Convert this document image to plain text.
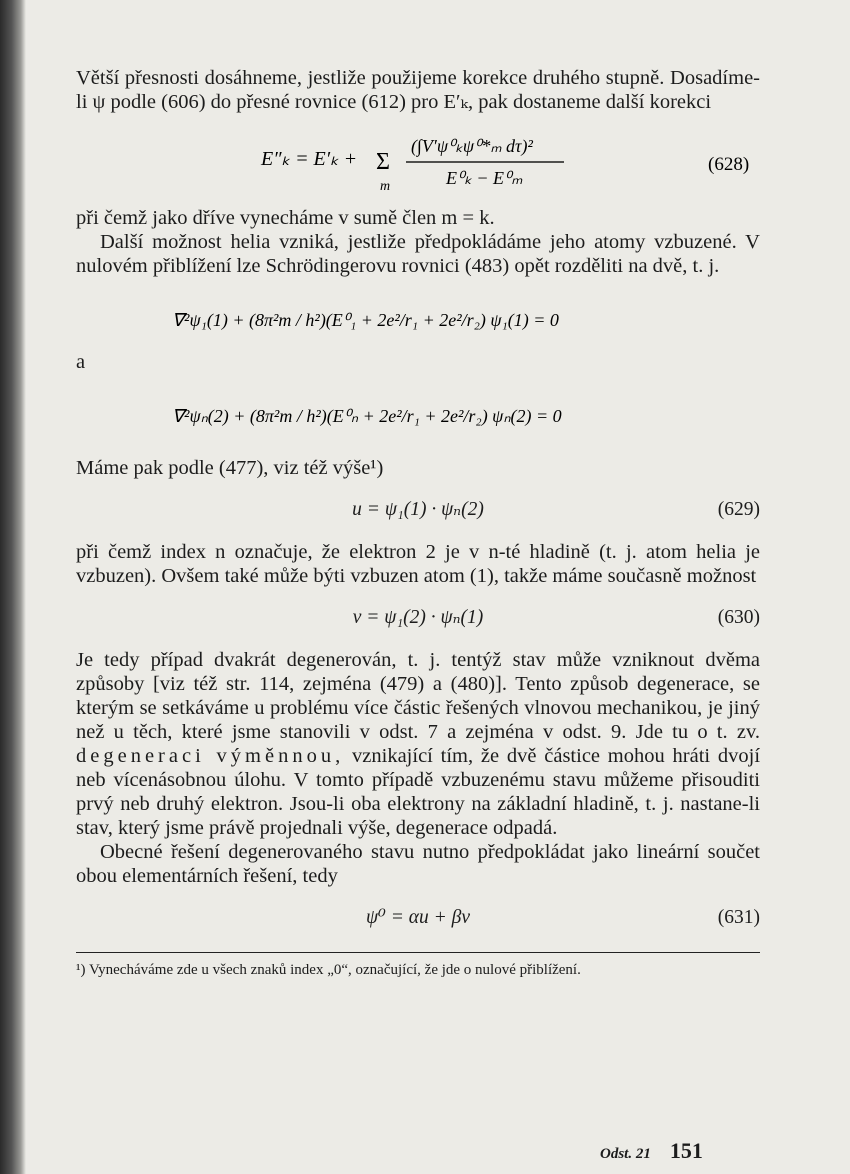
Větší přesnosti dosáhneme, jestliže použijeme korekce druhého stupně. Dosadíme-li ψ podle (606) do přesné rovnice (612) pro E′ₖ, pak dostaneme další korekci

E″ₖ = E′ₖ + Σ
m
(∫V′ψ⁰ₖψ⁰*ₘ dτ)²
E⁰ₖ − E⁰ₘ
(628)

při čemž jako dříve vynecháme v sumě člen m = k.

Další možnost helia vzniká, jestliže předpokládáme jeho atomy vzbuzené. V nulovém přiblížení lze Schrödingerovu rovnici (483) opět rozděliti na dvě, t. j.

∇²ψ₁(1) + (8π²m / h²)(E⁰₁ + 2e²/r₁ + 2e²/r₂) ψ₁(1) = 0

a

∇²ψₙ(2) + (8π²m / h²)(E⁰ₙ + 2e²/r₁ + 2e²/r₂) ψₙ(2) = 0

Máme pak podle (477), viz též výše¹)

u = ψ₁(1) · ψₙ(2)	(629)

při čemž index n označuje, že elektron 2 je v n-té hladině (t. j. atom helia je vzbuzen). Ovšem také může býti vzbuzen atom (1), takže máme současně možnost

v = ψ₁(2) · ψₙ(1)	(630)

Je tedy případ dvakrát degenerován, t. j. tentýž stav může vzniknout dvěma způsoby [viz též str. 114, zejména (479) a (480)]. Tento způsob degenerace, se kterým se setkáváme u problému více částic řešených vlnovou mechanikou, je jiný než u těch, které jsme stanovili v odst. 7 a zejména v odst. 9. Jde tu o t. zv. degeneraci výměnnou, vznikající tím, že dvě částice mohou hráti dvojí neb vícenásobnou úlohu. V tomto případě vzbuzenému stavu můžeme přisouditi prvý neb druhý elektron. Jsou-li oba elektrony na základní hladině, t. j. nastane-li stav, který jsme právě projednali výše, degenerace odpadá.

Obecné řešení degenerovaného stavu nutno předpokládat jako lineární součet obou elementárních řešení, tedy

ψ⁰ = αu + βv	(631)

¹) Vynecháváme zde u všech znaků index „0“, označující, že jde o nulové přiblížení.

Odst. 21 151
